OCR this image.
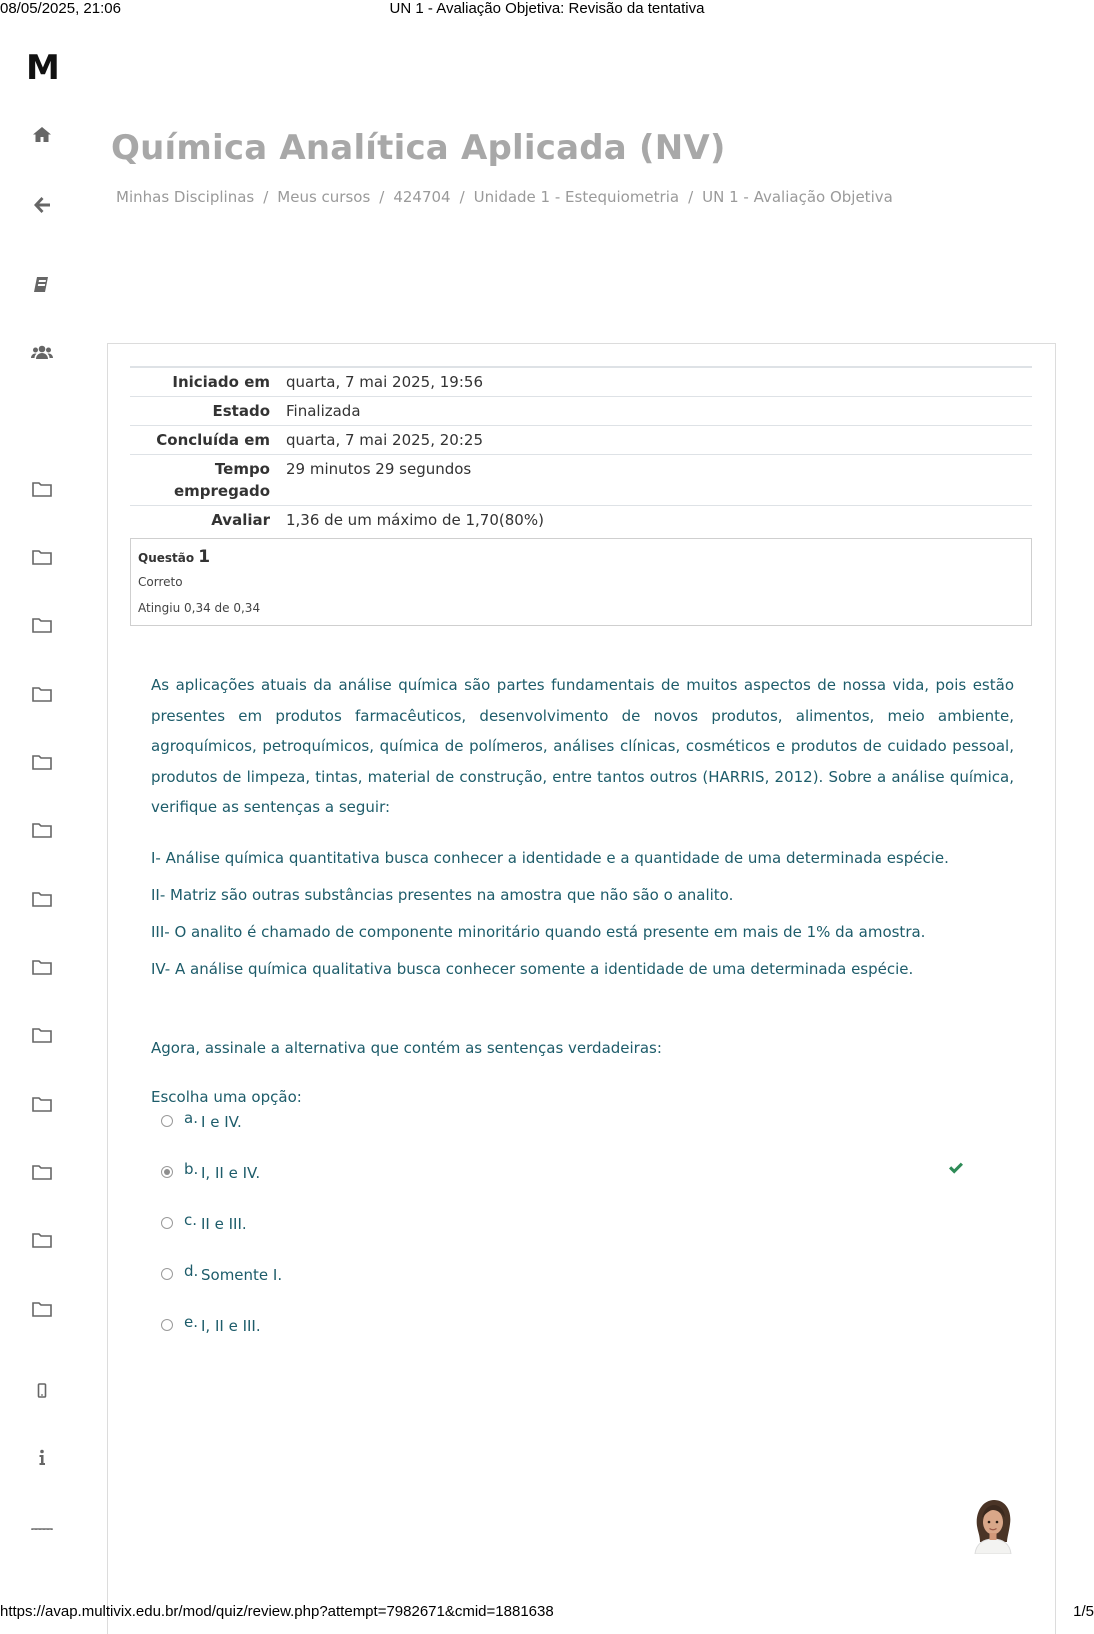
08/05/2025, 21:06	UN 1 - Avaliação Objetiva: Revisão da tentativa
M
Química Analítica Aplicada (NV)
Minhas Disciplinas / Meus cursos / 424704 / Unidade 1 - Estequiometria / UN 1 - Avaliação Objetiva
Iniciado em	quarta, 7 mai 2025, 19:56
Estado	Finalizada
Concluída em	quarta, 7 mai 2025, 20:25
Tempo empregado	29 minutos 29 segundos
Avaliar	1,36 de um máximo de 1,70(80%)
Questão 1
Correto
Atingiu 0,34 de 0,34

As aplicações atuais da análise química são partes fundamentais de muitos aspectos de nossa vida, pois estão presentes em produtos farmacêuticos, desenvolvimento de novos produtos, alimentos, meio ambiente, agroquímicos, petroquímicos, química de polímeros, análises clínicas, cosméticos e produtos de cuidado pessoal, produtos de limpeza, tintas, material de construção, entre tantos outros (HARRIS, 2012). Sobre a análise química, verifique as sentenças a seguir:

I- Análise química quantitativa busca conhecer a identidade e a quantidade de uma determinada espécie.
II- Matriz são outras substâncias presentes na amostra que não são o analito.
III- O analito é chamado de componente minoritário quando está presente em mais de 1% da amostra.
IV- A análise química qualitativa busca conhecer somente a identidade de uma determinada espécie.
Agora, assinale a alternativa que contém as sentenças verdadeiras:
Escolha uma opção:
a. I e IV.
b. I, II e IV.
c. II e III.
d. Somente I.
e. I, II e III.
https://avap.multivix.edu.br/mod/quiz/review.php?attempt=7982671&cmid=1881638	1/5
